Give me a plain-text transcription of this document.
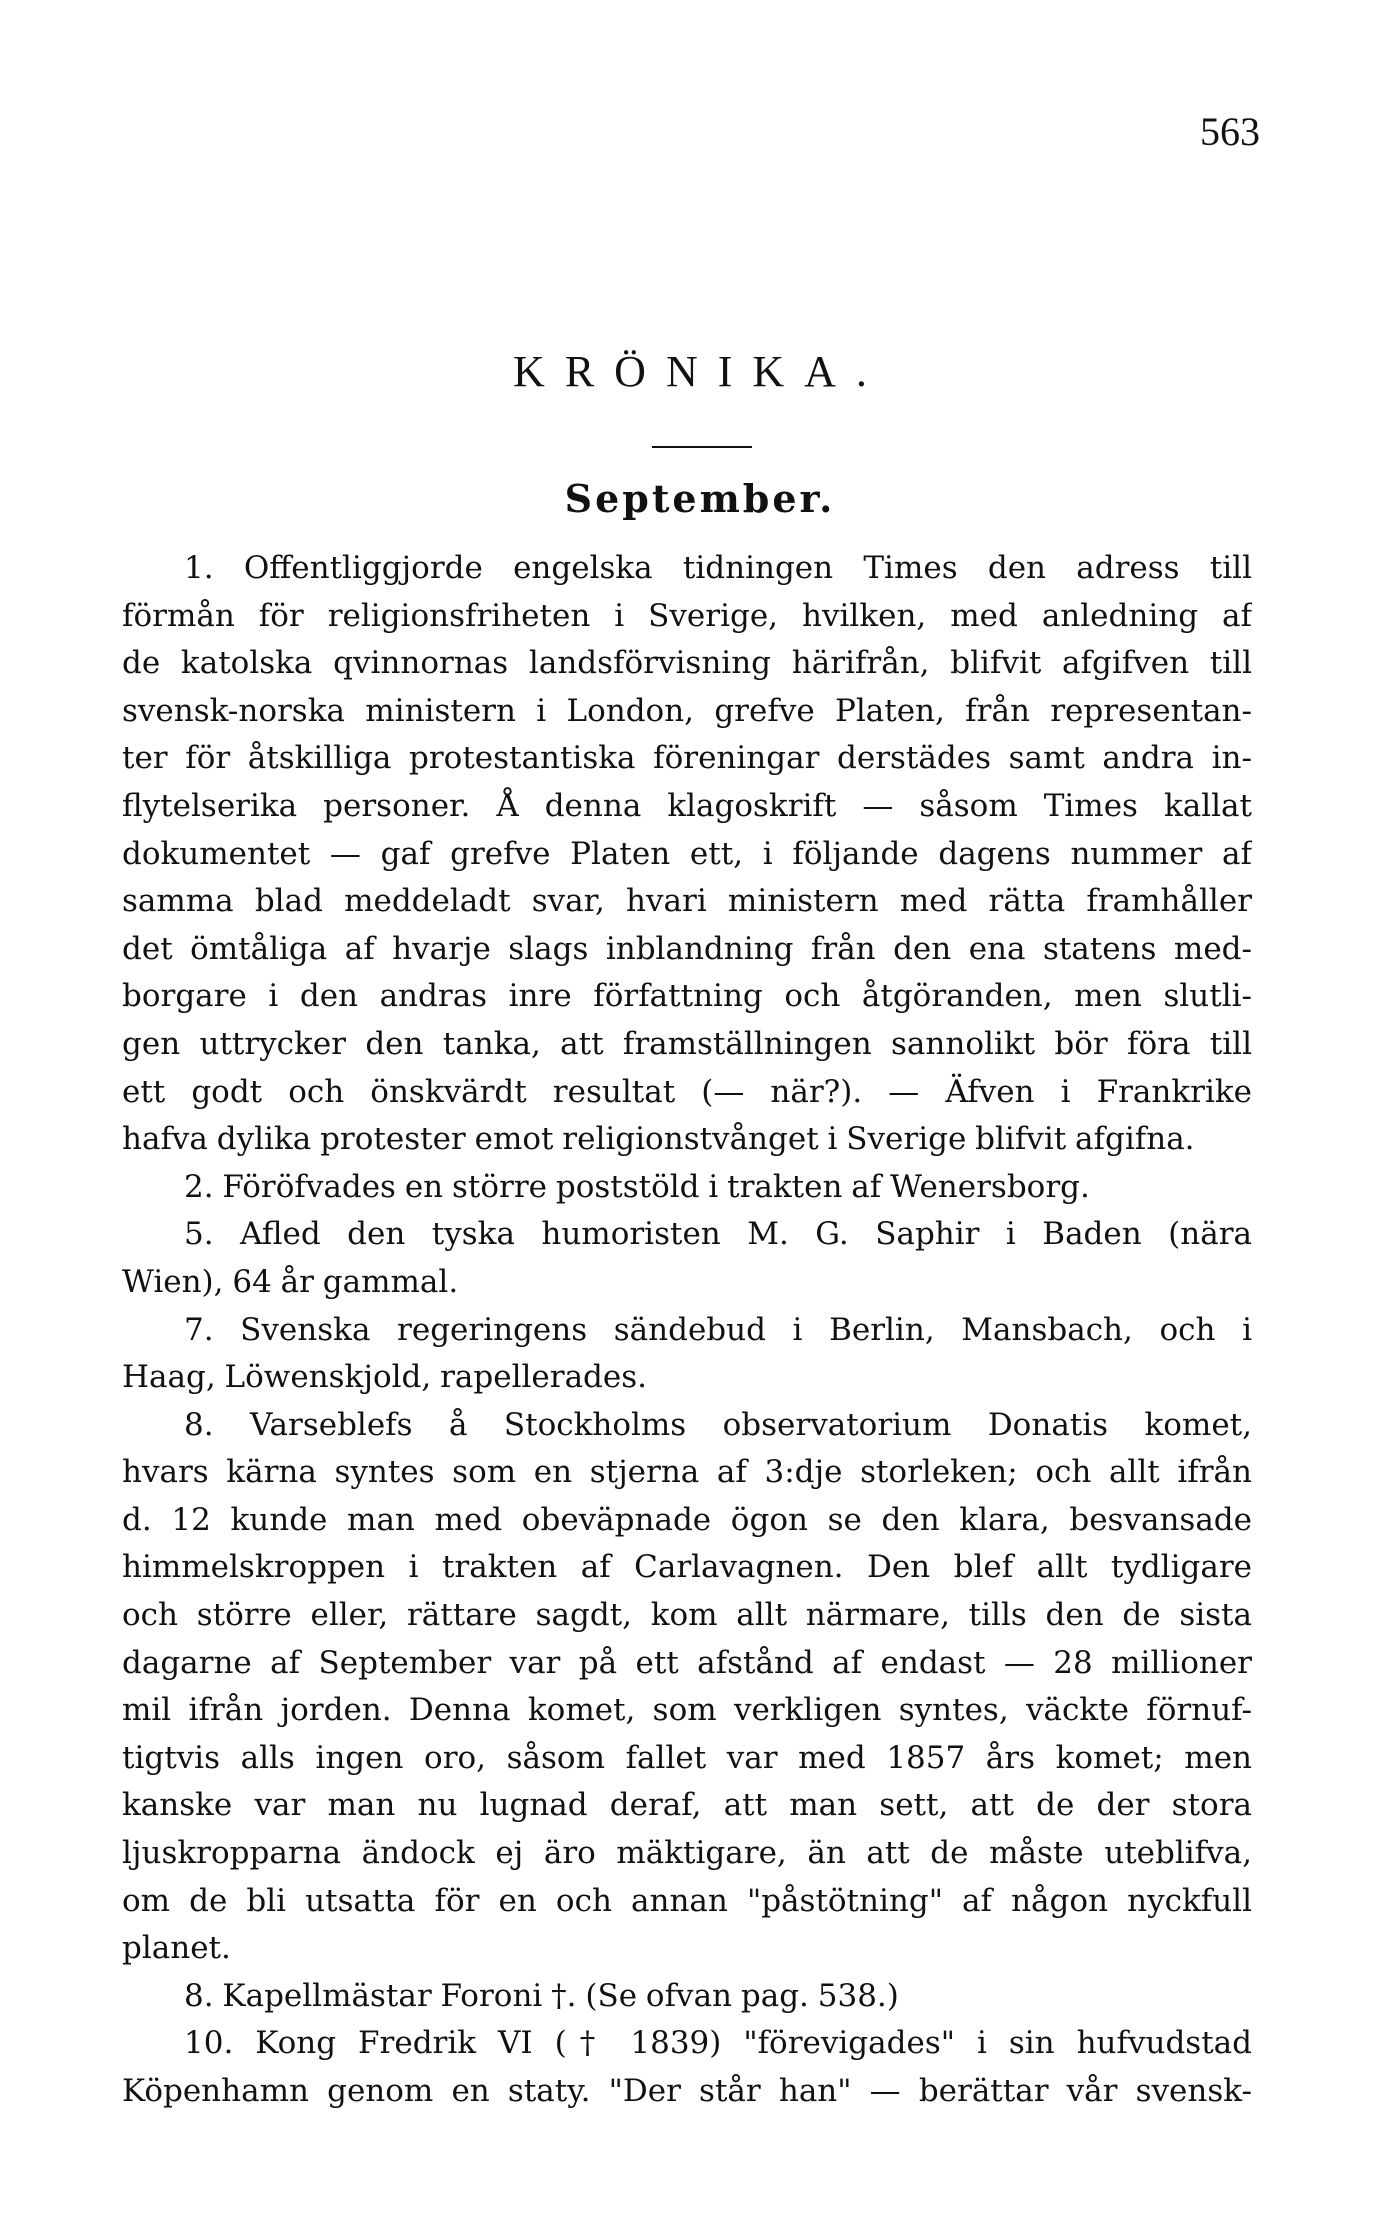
563
KRÖNIKA.
September.
1. Offentliggjorde engelska tidningen Times den adress till
förmån för religionsfriheten i Sverige, hvilken, med anledning af
de katolska qvinnornas landsförvisning härifrån, blifvit afgifven till
svensk-norska ministern i London, grefve Platen, från representan-
ter för åtskilliga protestantiska föreningar derstädes samt andra in-
flytelserika personer. Å denna klagoskrift — såsom Times kallat
dokumentet — gaf grefve Platen ett, i följande dagens nummer af
samma blad meddeladt svar, hvari ministern med rätta framhåller
det ömtåliga af hvarje slags inblandning från den ena statens med-
borgare i den andras inre författning och åtgöranden, men slutli-
gen uttrycker den tanka, att framställningen sannolikt bör föra till
ett godt och önskvärdt resultat (— när?). — Äfven i Frankrike
hafva dylika protester emot religionstvånget i Sverige blifvit afgifna.
2. Föröfvades en större poststöld i trakten af Wenersborg.
5. Afled den tyska humoristen M. G. Saphir i Baden (nära
Wien), 64 år gammal.
7. Svenska regeringens sändebud i Berlin, Mansbach, och i
Haag, Löwenskjold, rapellerades.
8. Varseblefs å Stockholms observatorium Donatis komet,
hvars kärna syntes som en stjerna af 3:dje storleken; och allt ifrån
d. 12 kunde man med obeväpnade ögon se den klara, besvansade
himmelskroppen i trakten af Carlavagnen. Den blef allt tydligare
och större eller, rättare sagdt, kom allt närmare, tills den de sista
dagarne af September var på ett afstånd af endast — 28 millioner
mil ifrån jorden. Denna komet, som verkligen syntes, väckte förnuf-
tigtvis alls ingen oro, såsom fallet var med 1857 års komet; men
kanske var man nu lugnad deraf, att man sett, att de der stora
ljuskropparna ändock ej äro mäktigare, än att de måste uteblifva,
om de bli utsatta för en och annan "påstötning" af någon nyckfull
planet.
8. Kapellmästar Foroni †. (Se ofvan pag. 538.)
10. Kong Fredrik VI († 1839) "förevigades" i sin hufvudstad
Köpenhamn genom en staty. "Der står han" — berättar vår svensk-
